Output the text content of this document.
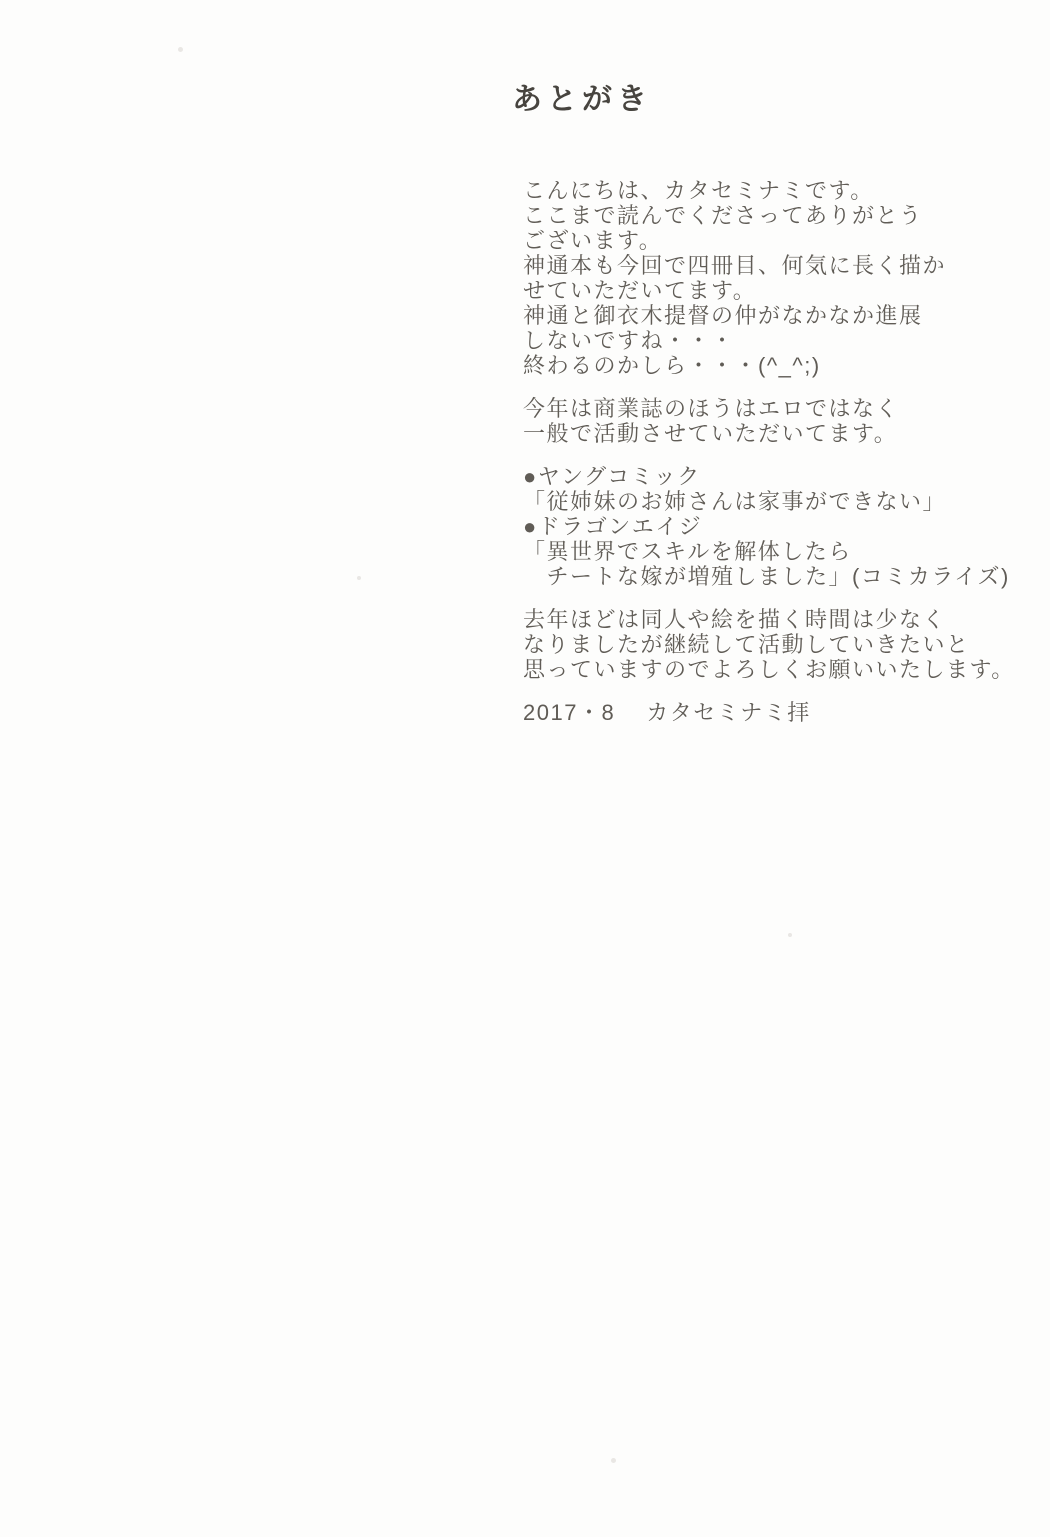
あとがき
こんにちは、カタセミナミです。
ここまで読んでくださってありがとう
ございます。
神通本も今回で四冊目、何気に長く描か
せていただいてます。
神通と御衣木提督の仲がなかなか進展
しないですね・・・
終わるのかしら・・・(^_^;)
今年は商業誌のほうはエロではなく
一般で活動させていただいてます。
●ヤングコミック
「従姉妹のお姉さんは家事ができない」
●ドラゴンエイジ
「異世界でスキルを解体したら
　チートな嫁が増殖しました」(コミカライズ)
去年ほどは同人や絵を描く時間は少なく
なりましたが継続して活動していきたいと
思っていますのでよろしくお願いいたします。
2017・8　 カタセミナミ拝
